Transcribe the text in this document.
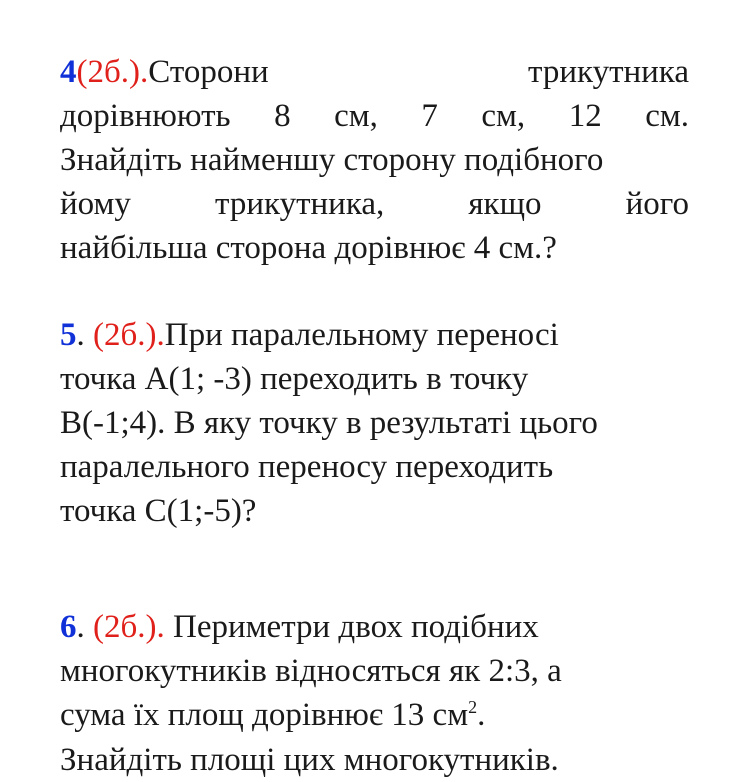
4(2б.).Сторони	трикутника
дорівнюють 8 см, 7 см, 12 см.
Знайдіть найменшу сторону подібного
йому	трикутника,	якщо	його
найбільша сторона дорівнює 4 см.?
5. (2б.).При паралельному переносі
точка А(1; -3) переходить в точку
В(-1;4). В яку точку в результаті цього
паралельного переносу переходить
точка С(1;-5)?
6. (2б.). Периметри двох подібних
многокутників відносяться як 2:3, а
сума їх площ дорівнює 13 $см^2$.
Знайдіть площі цих многокутників.
